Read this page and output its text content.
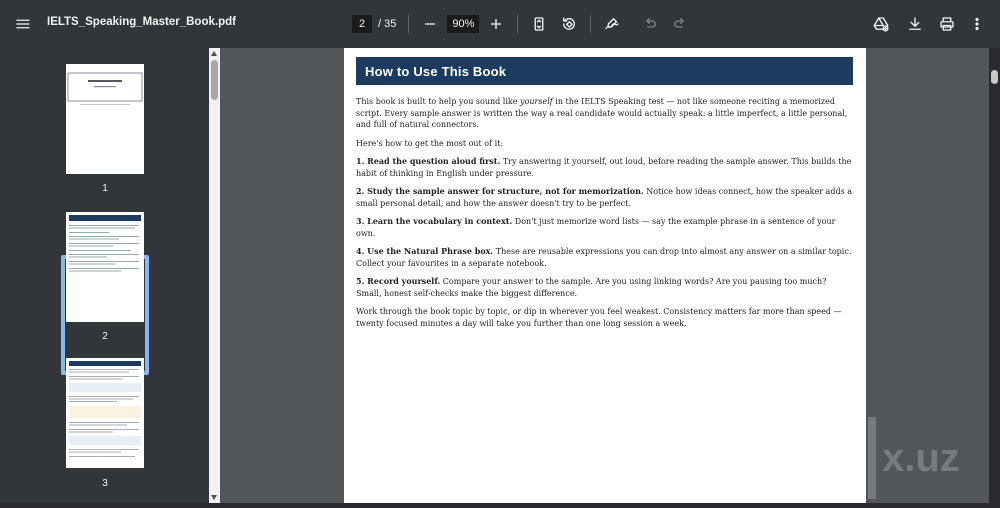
IELTS_Speaking_Master_Book.pdf
2	/ 35
90%
1
2
3
How to Use This Book

This book is built to help you sound like yourself in the IELTS Speaking test — not like someone reciting a memorized script. Every sample answer is written the way a real candidate would actually speak: a little imperfect, a little personal, and full of natural connectors.

Here's how to get the most out of it:

1. Read the question aloud first. Try answering it yourself, out loud, before reading the sample answer. This builds the habit of thinking in English under pressure.

2. Study the sample answer for structure, not for memorization. Notice how ideas connect, how the speaker adds a small personal detail, and how the answer doesn't try to be perfect.

3. Learn the vocabulary in context. Don't just memorize word lists — say the example phrase in a sentence of your own.

4. Use the Natural Phrase box. These are reusable expressions you can drop into almost any answer on a similar topic. Collect your favourites in a separate notebook.

5. Record yourself. Compare your answer to the sample. Are you using linking words? Are you pausing too much? Small, honest self-checks make the biggest difference.

Work through the book topic by topic, or dip in wherever you feel weakest. Consistency matters far more than speed — twenty focused minutes a day will take you further than one long session a week.

x.uz
